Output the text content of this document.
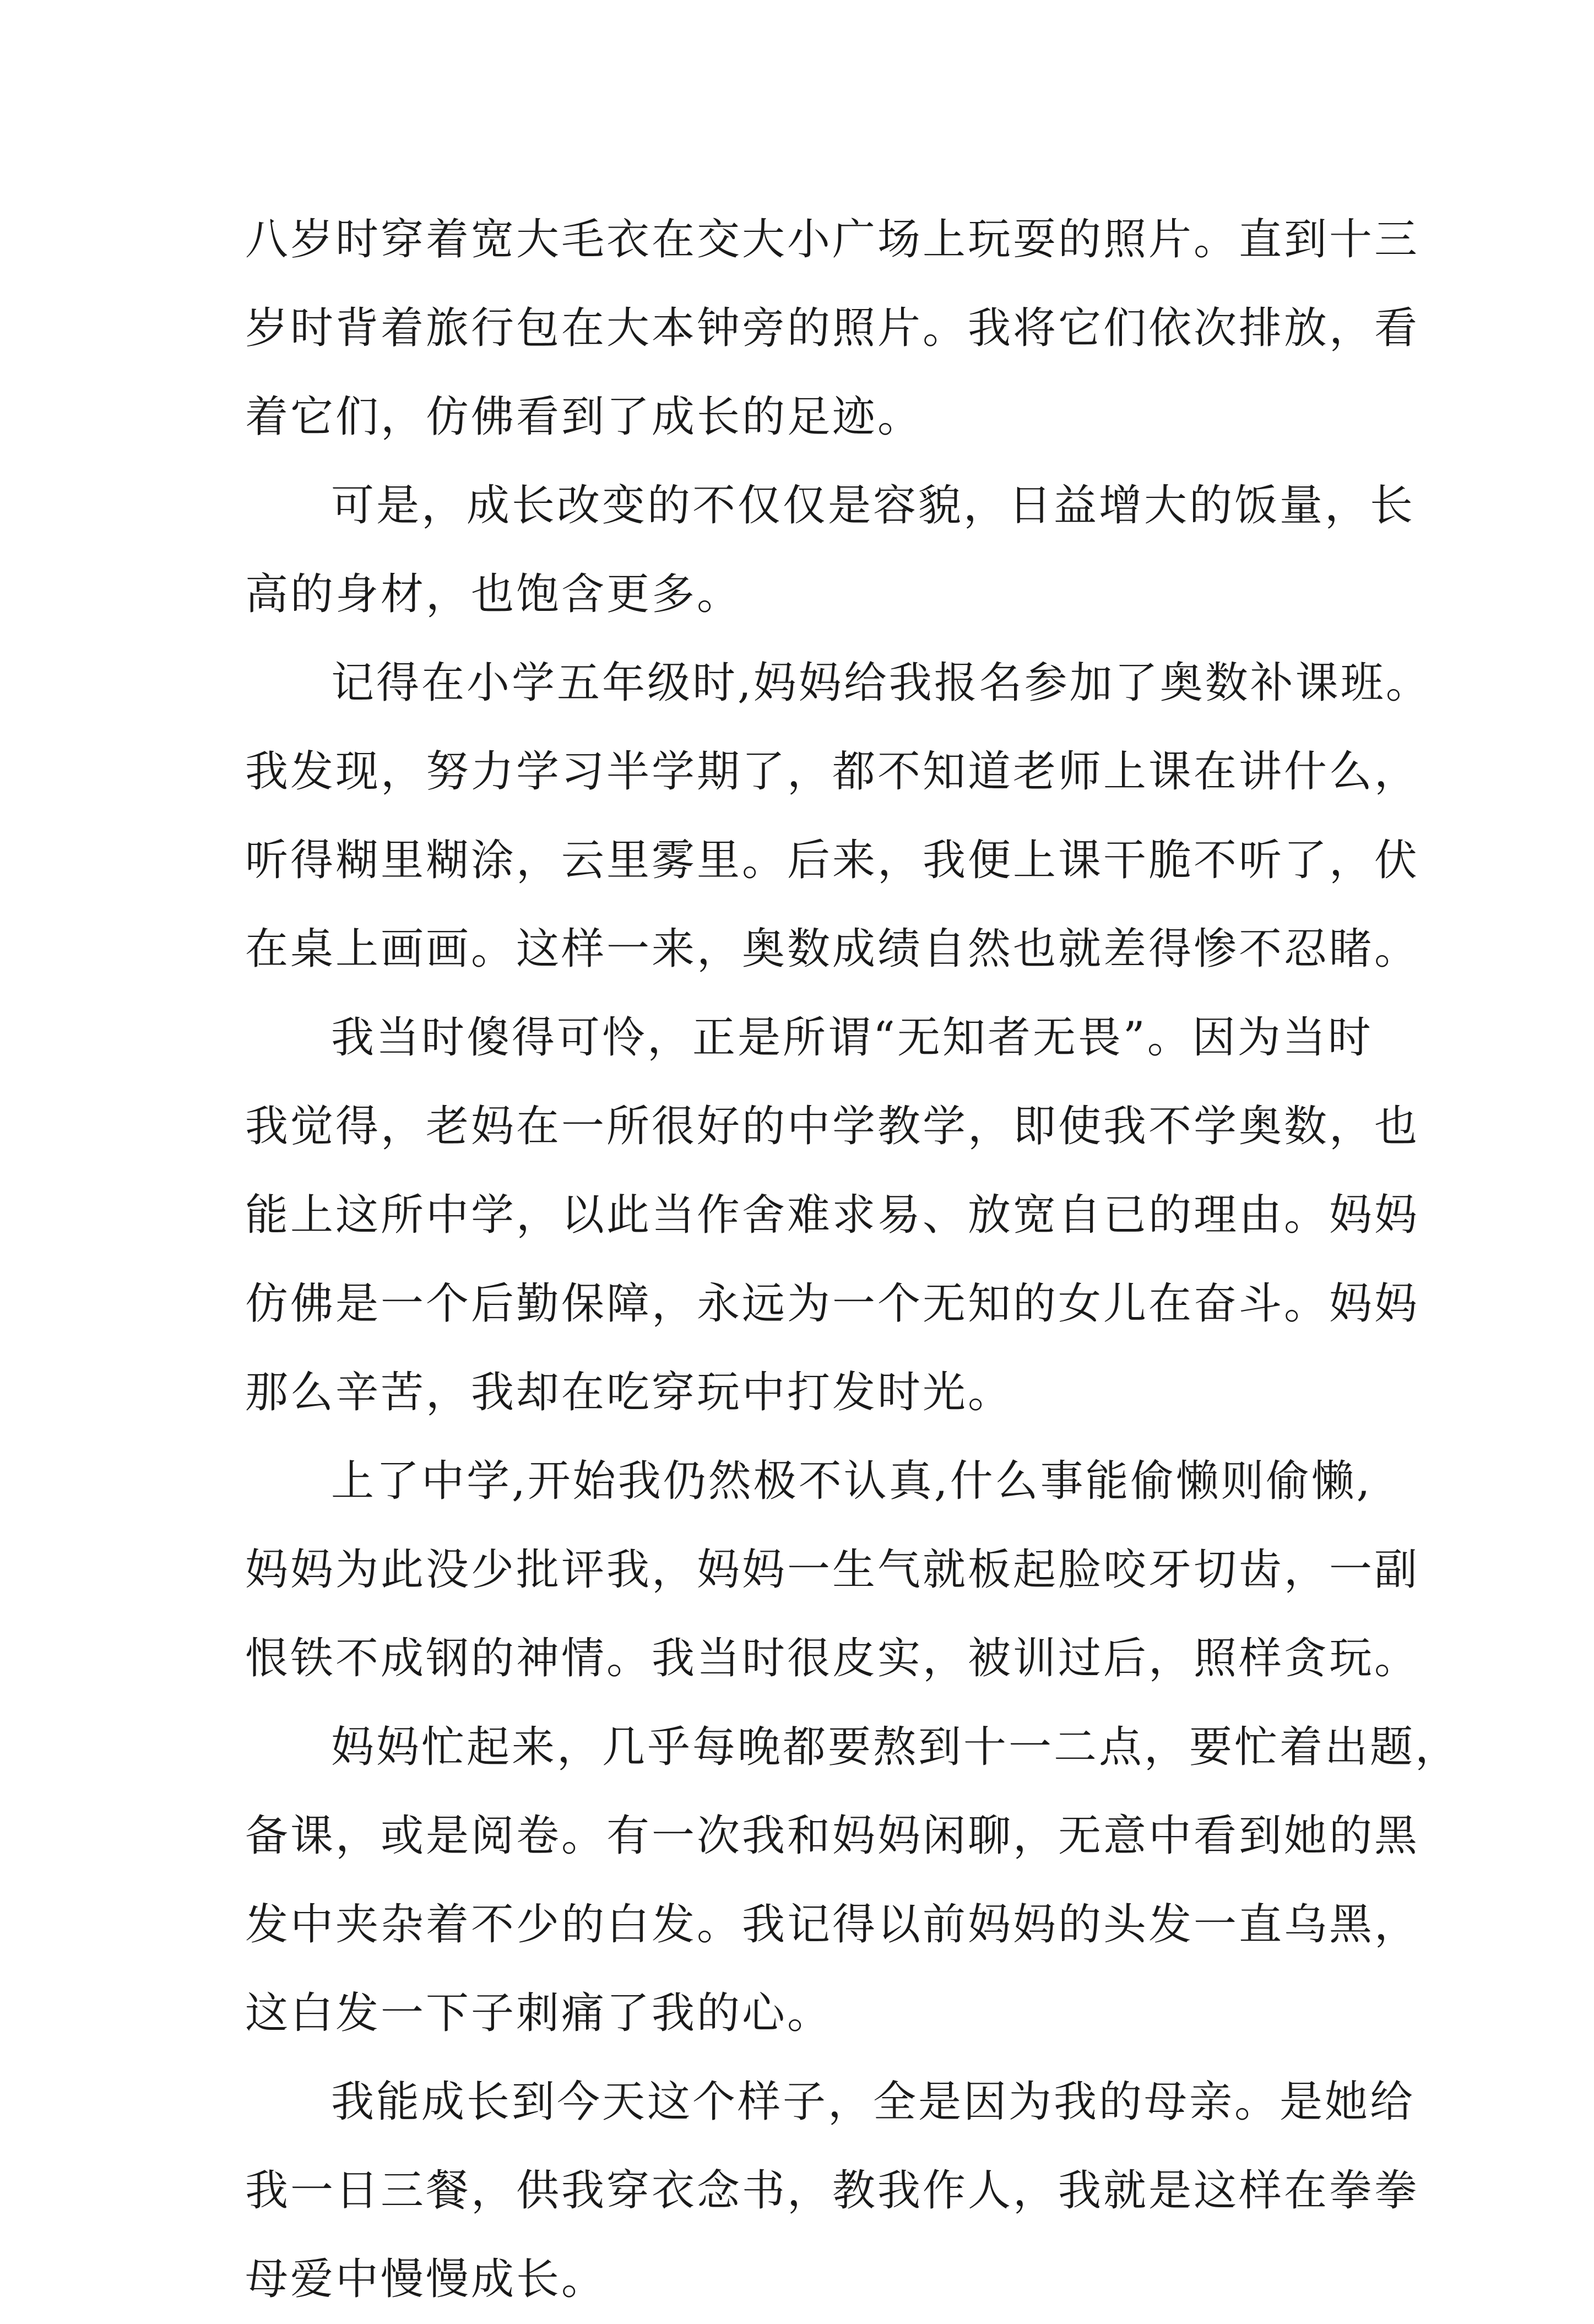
八岁时穿着宽大毛衣在交大小广场上玩耍的照片。直到十三
岁时背着旅行包在大本钟旁的照片。我将它们依次排放，看
着它们，仿佛看到了成长的足迹。
可是，成长改变的不仅仅是容貌，日益增大的饭量，长
高的身材，也饱含更多。
记得在小学五年级时,妈妈给我报名参加了奥数补课班。
我发现，努力学习半学期了，都不知道老师上课在讲什么，
听得糊里糊涂，云里雾里。后来，我便上课干脆不听了，伏
在桌上画画。这样一来，奥数成绩自然也就差得惨不忍睹。
我当时傻得可怜，正是所谓“无知者无畏”。因为当时
我觉得，老妈在一所很好的中学教学，即使我不学奥数，也
能上这所中学，以此当作舍难求易、放宽自已的理由。妈妈
仿佛是一个后勤保障，永远为一个无知的女儿在奋斗。妈妈
那么辛苦，我却在吃穿玩中打发时光。
上了中学,开始我仍然极不认真,什么事能偷懒则偷懒,
妈妈为此没少批评我，妈妈一生气就板起脸咬牙切齿，一副
恨铁不成钢的神情。我当时很皮实，被训过后，照样贪玩。
妈妈忙起来，几乎每晚都要熬到十一二点，要忙着出题，
备课，或是阅卷。有一次我和妈妈闲聊，无意中看到她的黑
发中夹杂着不少的白发。我记得以前妈妈的头发一直乌黑，
这白发一下子刺痛了我的心。
我能成长到今天这个样子，全是因为我的母亲。是她给
我一日三餐，供我穿衣念书，教我作人，我就是这样在拳拳
母爱中慢慢成长。
